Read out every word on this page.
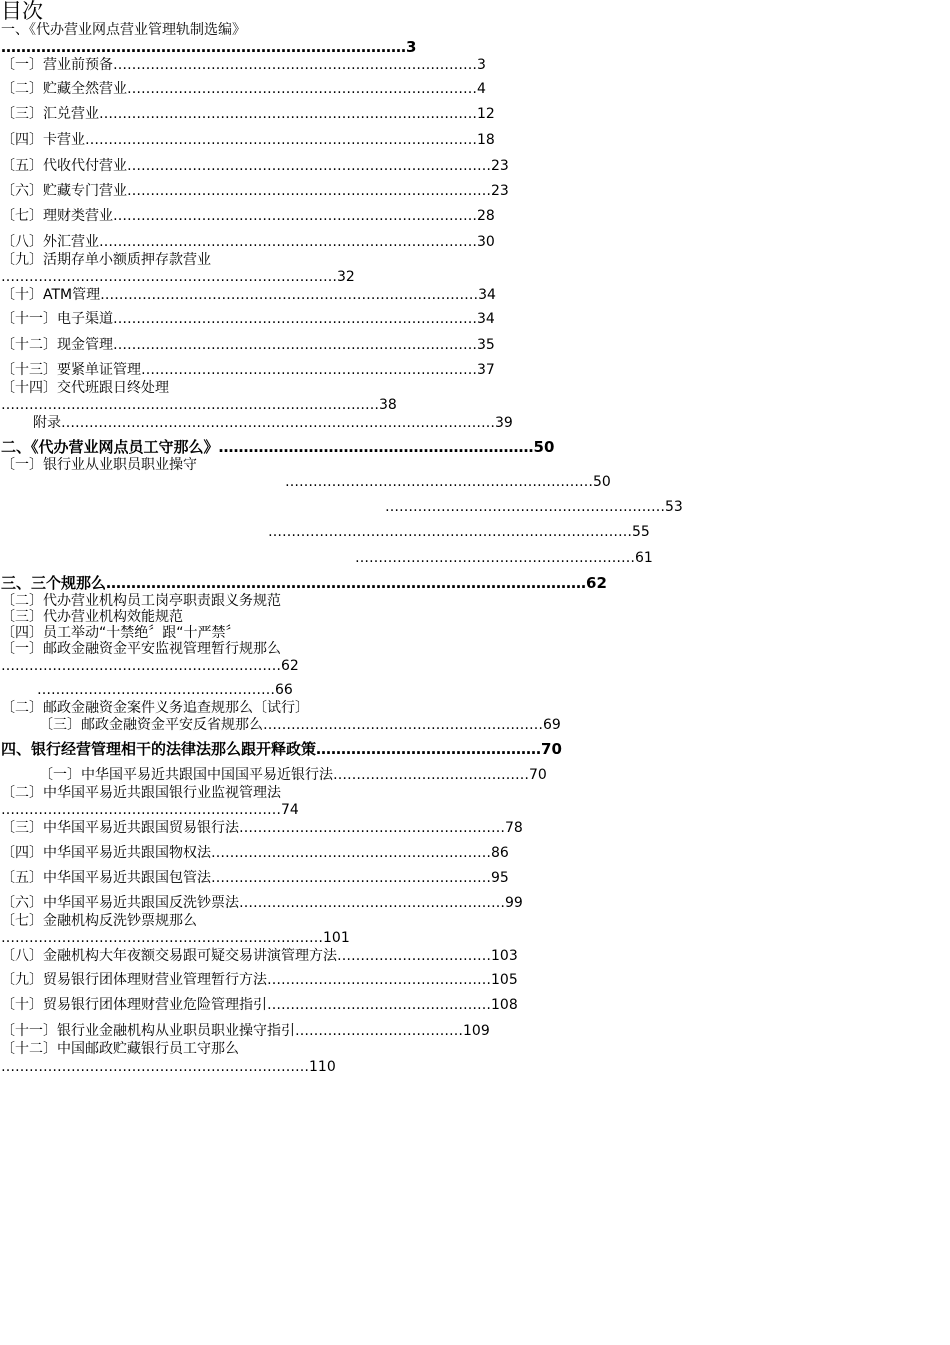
目次
一、《代办营业网点营业管理轨制选编》
………………………………………………………………………3
〔一〕营业前预备……………………………………………………………………3
〔二〕贮藏全然营业…………………………………………………………………4
〔三〕汇兑营业………………………………………………………………………12
〔四〕卡营业…………………………………………………………………………18
〔五〕代收代付营业……………………………………………………………………23
〔六〕贮藏专门营业……………………………………………………………………23
〔七〕理财类营业……………………………………………………………………28
〔八〕外汇营业………………………………………………………………………30
〔九〕活期存单小额质押存款营业
………………………………………………………………32
〔十〕ATM管理………………………………………………………………………34
〔十一〕电子渠道……………………………………………………………………34
〔十二〕现金管理……………………………………………………………………35
〔十三〕要紧单证管理………………………………………………………………37
〔十四〕交代班跟日终处理
………………………………………………………………………38
附录…………………………………………………………………………………39
二、《代办营业网点员工守那么》………………………………………………………50
〔一〕银行业从业职员职业操守
…………………………………………………………50
……………………………………………………53
……………………………………………………………………55
……………………………………………………61
三、三个规那么……………………………………………………………………………………62
〔二〕代办营业机构员工岗亭职责跟义务规范
〔三〕代办营业机构效能规范
〔四〕员工举动“十禁绝〞跟“十严禁〞
〔一〕邮政金融资金平安监视管理暂行规那么
……………………………………………………62
……………………………………………66
〔二〕邮政金融资金案件义务追查规那么〔试行〕
〔三〕邮政金融资金平安反省规那么……………………………………………………69
四、银行经营管理相干的法律法那么跟开释政策………………………………………70
〔一〕中华国平易近共跟国中国国平易近银行法……………………………………70
〔二〕中华国平易近共跟国银行业监视管理法
……………………………………………………74
〔三〕中华国平易近共跟国贸易银行法…………………………………………………78
〔四〕中华国平易近共跟国物权法……………………………………………………86
〔五〕中华国平易近共跟国包管法……………………………………………………95
〔六〕中华国平易近共跟国反洗钞票法…………………………………………………99
〔七〕金融机构反洗钞票规那么
……………………………………………………………101
〔八〕金融机构大年夜额交易跟可疑交易讲演管理方法……………………………103
〔九〕贸易银行团体理财营业管理暂行方法…………………………………………105
〔十〕贸易银行团体理财营业危险管理指引…………………………………………108
〔十一〕银行业金融机构从业职员职业操守指引………………………………109
〔十二〕中国邮政贮藏银行员工守那么
…………………………………………………………110
